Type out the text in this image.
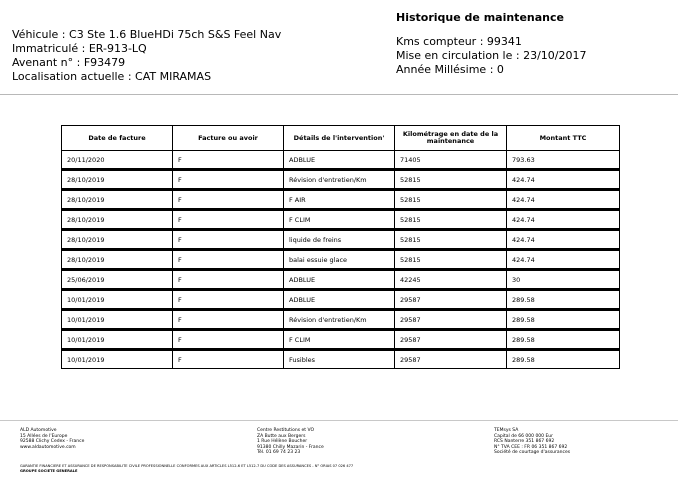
Véhicule : C3 Ste 1.6 BlueHDi 75ch S&S Feel Nav
Immatriculé : ER-913-LQ
Avenant n° : F93479
Localisation actuelle : CAT MIRAMAS
Historique de maintenance
Kms compteur : 99341
Mise en circulation le : 23/10/2017
Année Millésime : 0
Date de facture	Facture ou avoir	Détails de l'intervention'	Kilométrage en date de la maintenance	Montant TTC
20/11/2020	F	ADBLUE	71405	793.63
28/10/2019	F	Révision d'entretien/Km	52815	424.74
28/10/2019	F	F AIR	52815	424.74
28/10/2019	F	F CLIM	52815	424.74
28/10/2019	F	liquide de freins	52815	424.74
28/10/2019	F	balai essuie glace	52815	424.74
25/06/2019	F	ADBLUE	42245	30
10/01/2019	F	ADBLUE	29587	289.58
10/01/2019	F	Révision d'entretien/Km	29587	289.58
10/01/2019	F	F CLIM	29587	289.58
10/01/2019	F	Fusibles	29587	289.58
ALD Automotive
15 Allées de l'Europe
92588 Clichy Cedex - France
www.aldautomotive.com
Centre Restitutions et VO
ZA Butte aux Bergers
1 Rue Hélène Boucher
91380 Chilly Mazarin - France
Tél. 01 69 74 23 23
TEMsys SA
Capital de 66 000 000 Eur
RCS Nanterre 351 867 692
N° TVA CEE : FR 06 351 867 692
Société de courtage d'assurances
GARANTIE FINANCIERE ET ASSURANCE DE RESPONSABILITE CIVILE PROFESSIONNELLE CONFORMES AUX ARTICLES L512-6 ET L512-7 DU CODE DES ASSURANCES - N° ORIAS 07 026 477
GROUPE SOCIETE GENERALE
